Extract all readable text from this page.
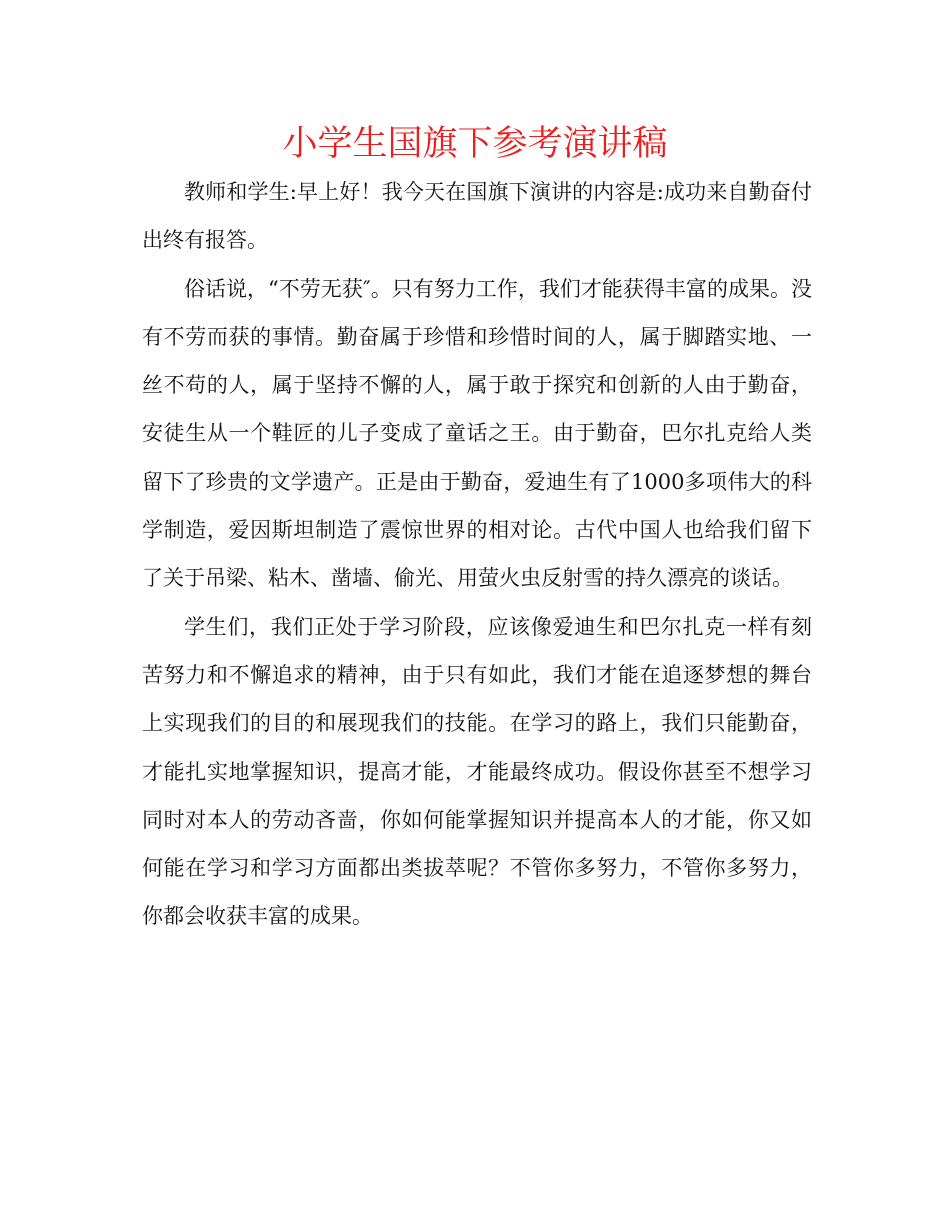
小学生国旗下参考演讲稿

教师和学生:早上好！我今天在国旗下演讲的内容是:成功来自勤奋付出终有报答。

俗话说，“不劳无获″。只有努力工作，我们才能获得丰富的成果。没有不劳而获的事情。勤奋属于珍惜和珍惜时间的人，属于脚踏实地、一丝不苟的人，属于坚持不懈的人，属于敢于探究和创新的人由于勤奋，安徒生从一个鞋匠的儿子变成了童话之王。由于勤奋，巴尔扎克给人类留下了珍贵的文学遗产。正是由于勤奋，爱迪生有了1000多项伟大的科学制造，爱因斯坦制造了震惊世界的相对论。古代中国人也给我们留下了关于吊梁、粘木、凿墙、偷光、用萤火虫反射雪的持久漂亮的谈话。

学生们，我们正处于学习阶段，应该像爱迪生和巴尔扎克一样有刻苦努力和不懈追求的精神，由于只有如此，我们才能在追逐梦想的舞台上实现我们的目的和展现我们的技能。在学习的路上，我们只能勤奋，才能扎实地掌握知识，提高才能，才能最终成功。假设你甚至不想学习同时对本人的劳动吝啬，你如何能掌握知识并提高本人的才能，你又如何能在学习和学习方面都出类拔萃呢？不管你多努力，不管你多努力，你都会收获丰富的成果。
